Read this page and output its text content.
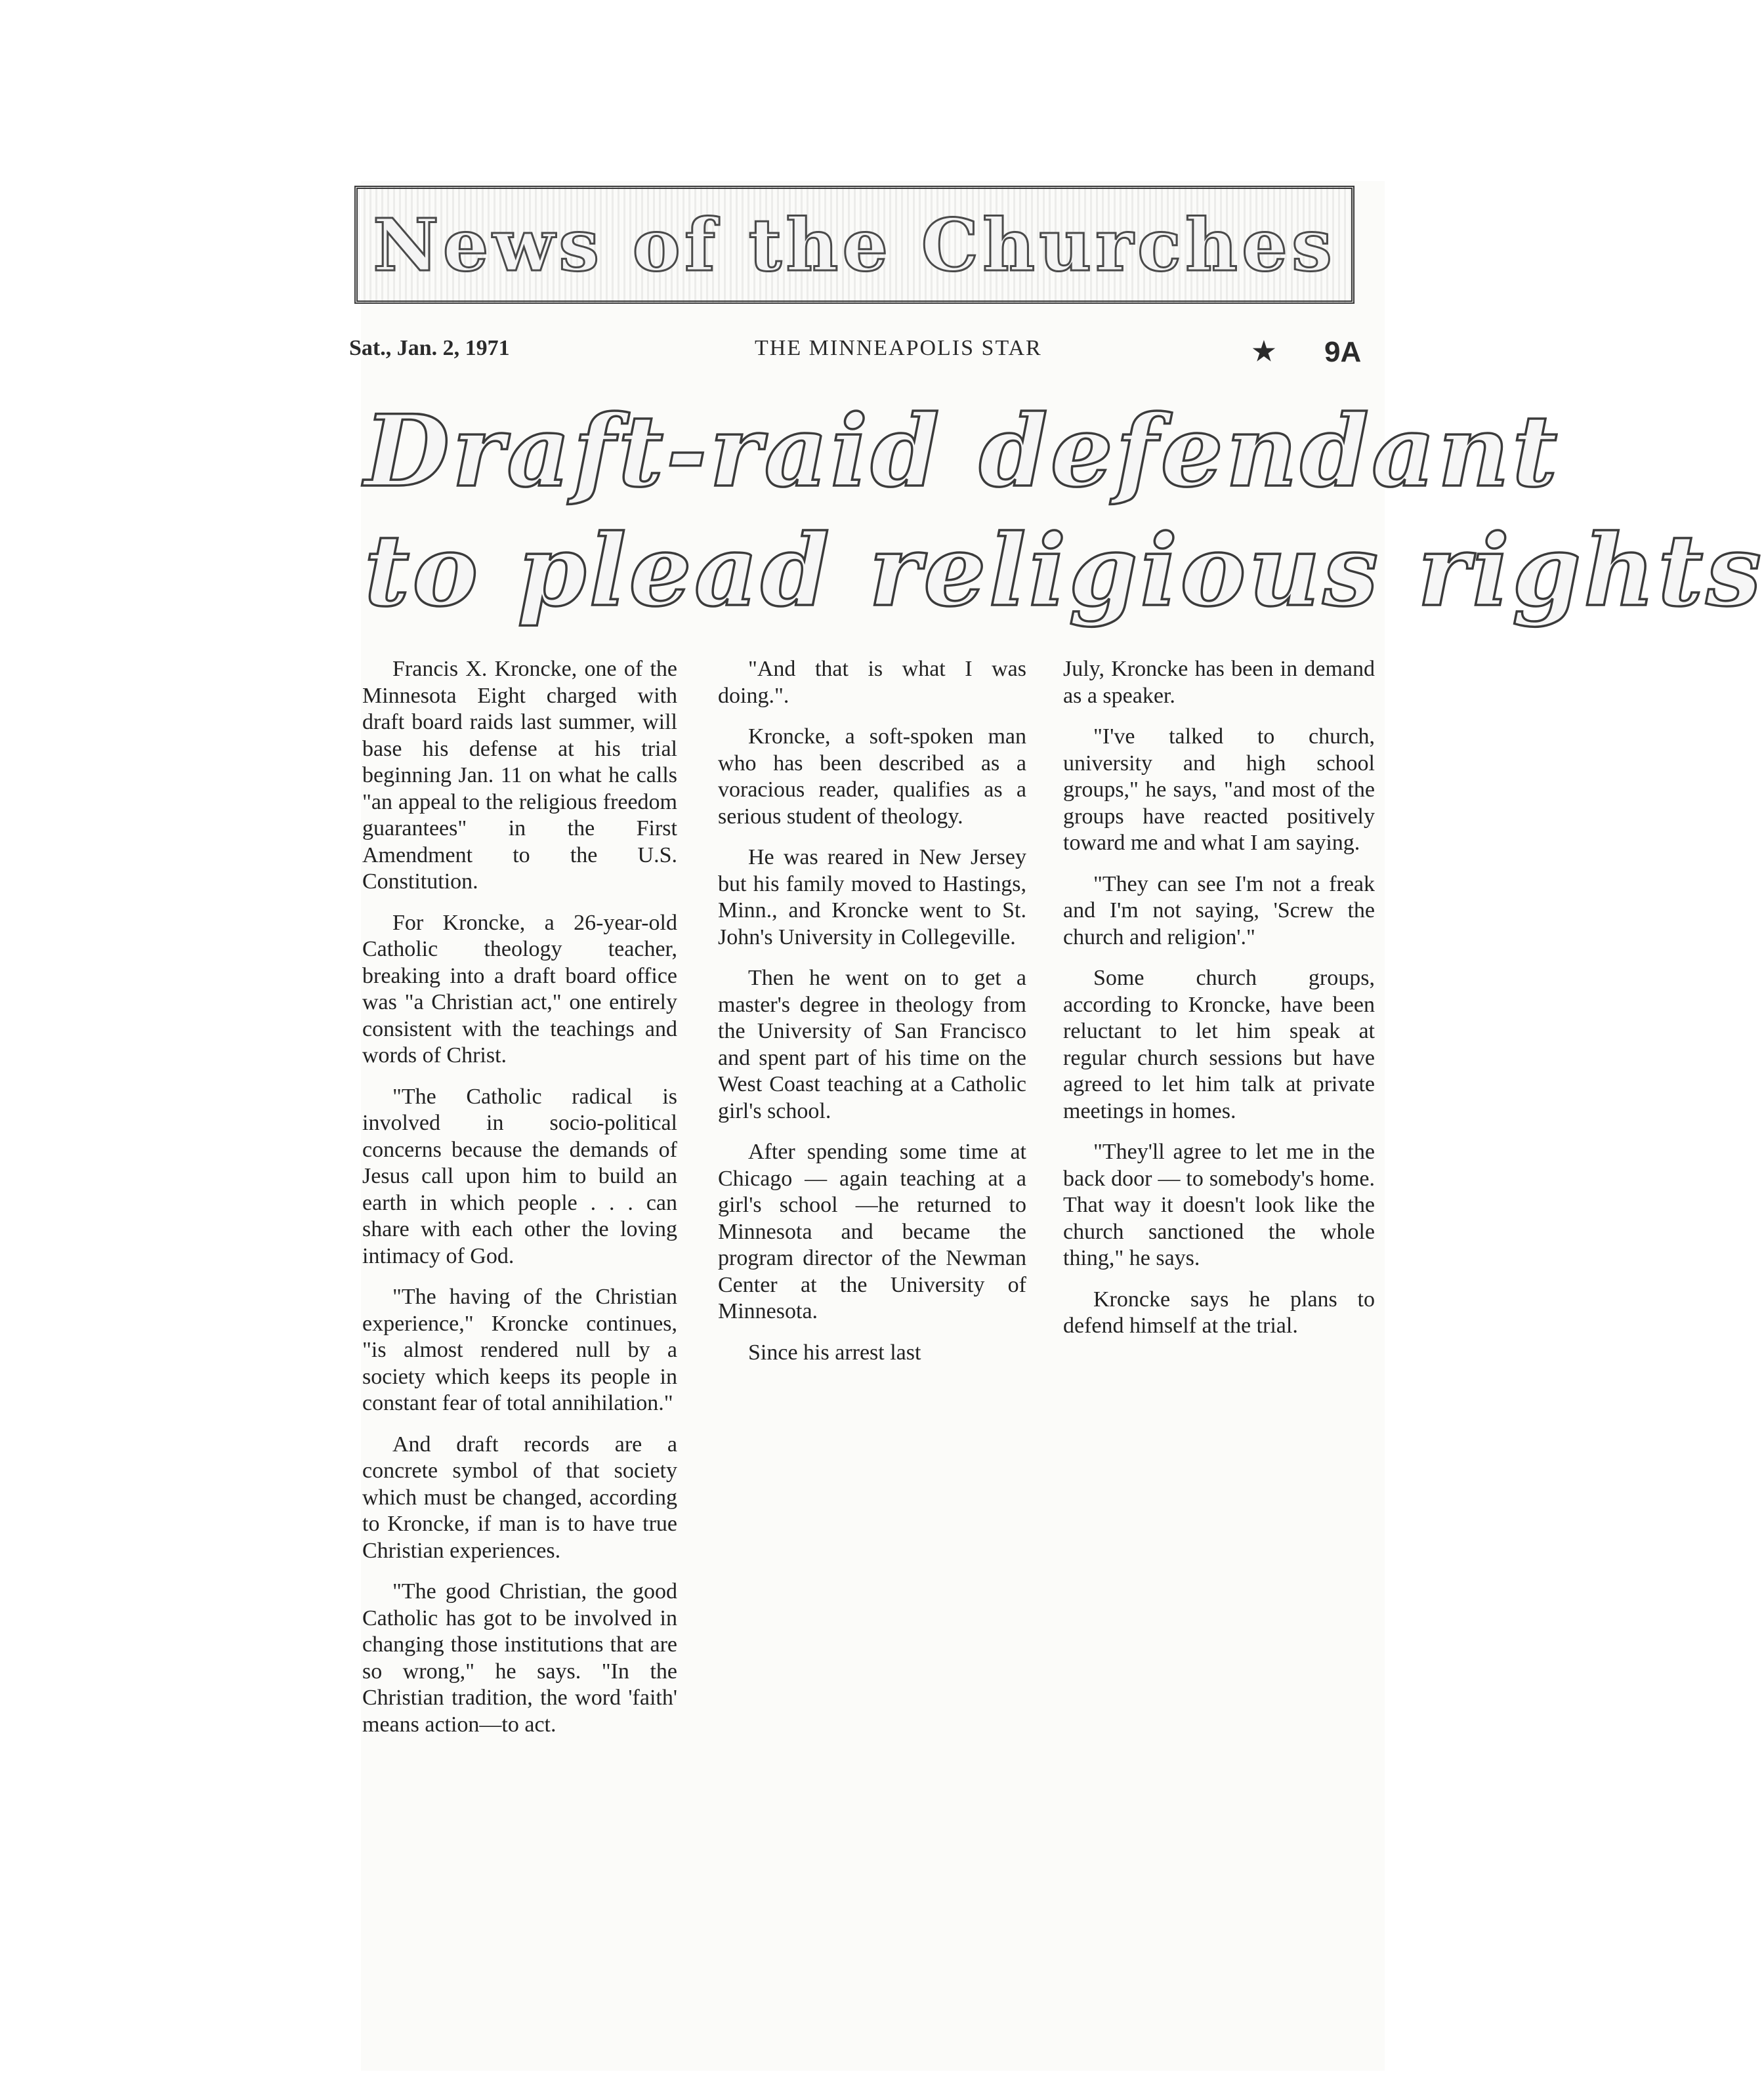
News of the Churches
Sat., Jan. 2, 1971	THE MINNEAPOLIS STAR	★ 9A
Draft-raid defendant
to plead religious rights

Francis X. Kroncke, one of the Minnesota Eight charged with draft board raids last summer, will base his defense at his trial beginning Jan. 11 on what he calls "an appeal to the religious freedom guarantees" in the First Amendment to the U.S. Constitution.

For Kroncke, a 26-year-old Catholic theology teacher, breaking into a draft board office was "a Christian act," one entirely consistent with the teachings and words of Christ.

"The Catholic radical is involved in socio-political concerns because the demands of Jesus call upon him to build an earth in which people . . . can share with each other the loving intimacy of God.

"The having of the Christian experience," Kroncke continues, "is almost rendered null by a society which keeps its people in constant fear of total annihilation."

And draft records are a concrete symbol of that society which must be changed, according to Kroncke, if man is to have true Christian experiences.

"The good Christian, the good Catholic has got to be involved in changing those institutions that are so wrong," he says. "In the Christian tradition, the word 'faith' means action—to act.

"And that is what I was doing.".

Kroncke, a soft-spoken man who has been described as a voracious reader, qualifies as a serious student of theology.

He was reared in New Jersey but his family moved to Hastings, Minn., and Kroncke went to St. John's University in Collegeville.

Then he went on to get a master's degree in theology from the University of San Francisco and spent part of his time on the West Coast teaching at a Catholic girl's school.

After spending some time at Chicago — again teaching at a girl's school —he returned to Minnesota and became the program director of the Newman Center at the University of Minnesota.

Since his arrest last

July, Kroncke has been in demand as a speaker.

"I've talked to church, university and high school groups," he says, "and most of the groups have reacted positively toward me and what I am saying.

"They can see I'm not a freak and I'm not saying, 'Screw the church and religion'."

Some church groups, according to Kroncke, have been reluctant to let him speak at regular church sessions but have agreed to let him talk at private meetings in homes.

"They'll agree to let me in the back door — to somebody's home. That way it doesn't look like the church sanctioned the whole thing," he says.

Kroncke says he plans to defend himself at the trial.
